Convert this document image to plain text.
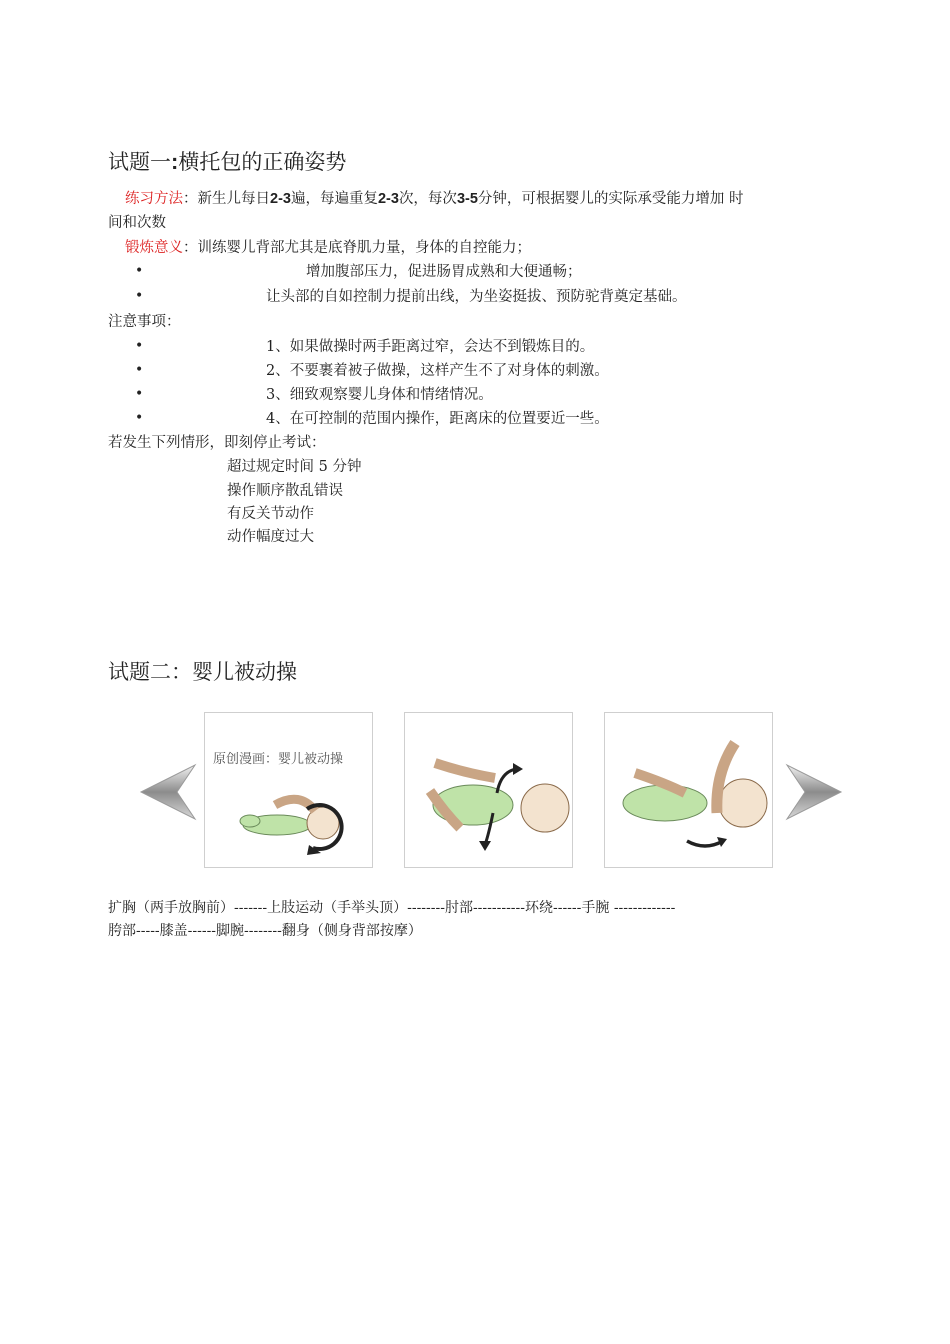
试题一:横托包的正确姿势
练习方法：新生儿每日2-3遍，每遍重复2-3次，每次3-5分钟，可根据婴儿的实际承受能力增加 时
间和次数
锻炼意义：训练婴儿背部尤其是底脊肌力量，身体的自控能力；
•	增加腹部压力，促进肠胃成熟和大便通畅；
•	让头部的自如控制力提前出线，为坐姿挺拔、预防驼背奠定基础。
注意事项：
•	1、如果做操时两手距离过窄，会达不到锻炼目的。
•	2、不要裹着被子做操，这样产生不了对身体的刺激。
•	3、细致观察婴儿身体和情绪情况。
•	4、在可控制的范围内操作，距离床的位置要近一些。
若发生下列情形，即刻停止考试：
超过规定时间 5 分钟
操作顺序散乱错误
有反关节动作
动作幅度过大
试题二：婴儿被动操
原创漫画：婴儿被动操
扩胸（两手放胸前）-------上肢运动（手举头顶）--------肘部-----------环绕------手腕 -------------
胯部-----膝盖------脚腕--------翻身（侧身背部按摩）
